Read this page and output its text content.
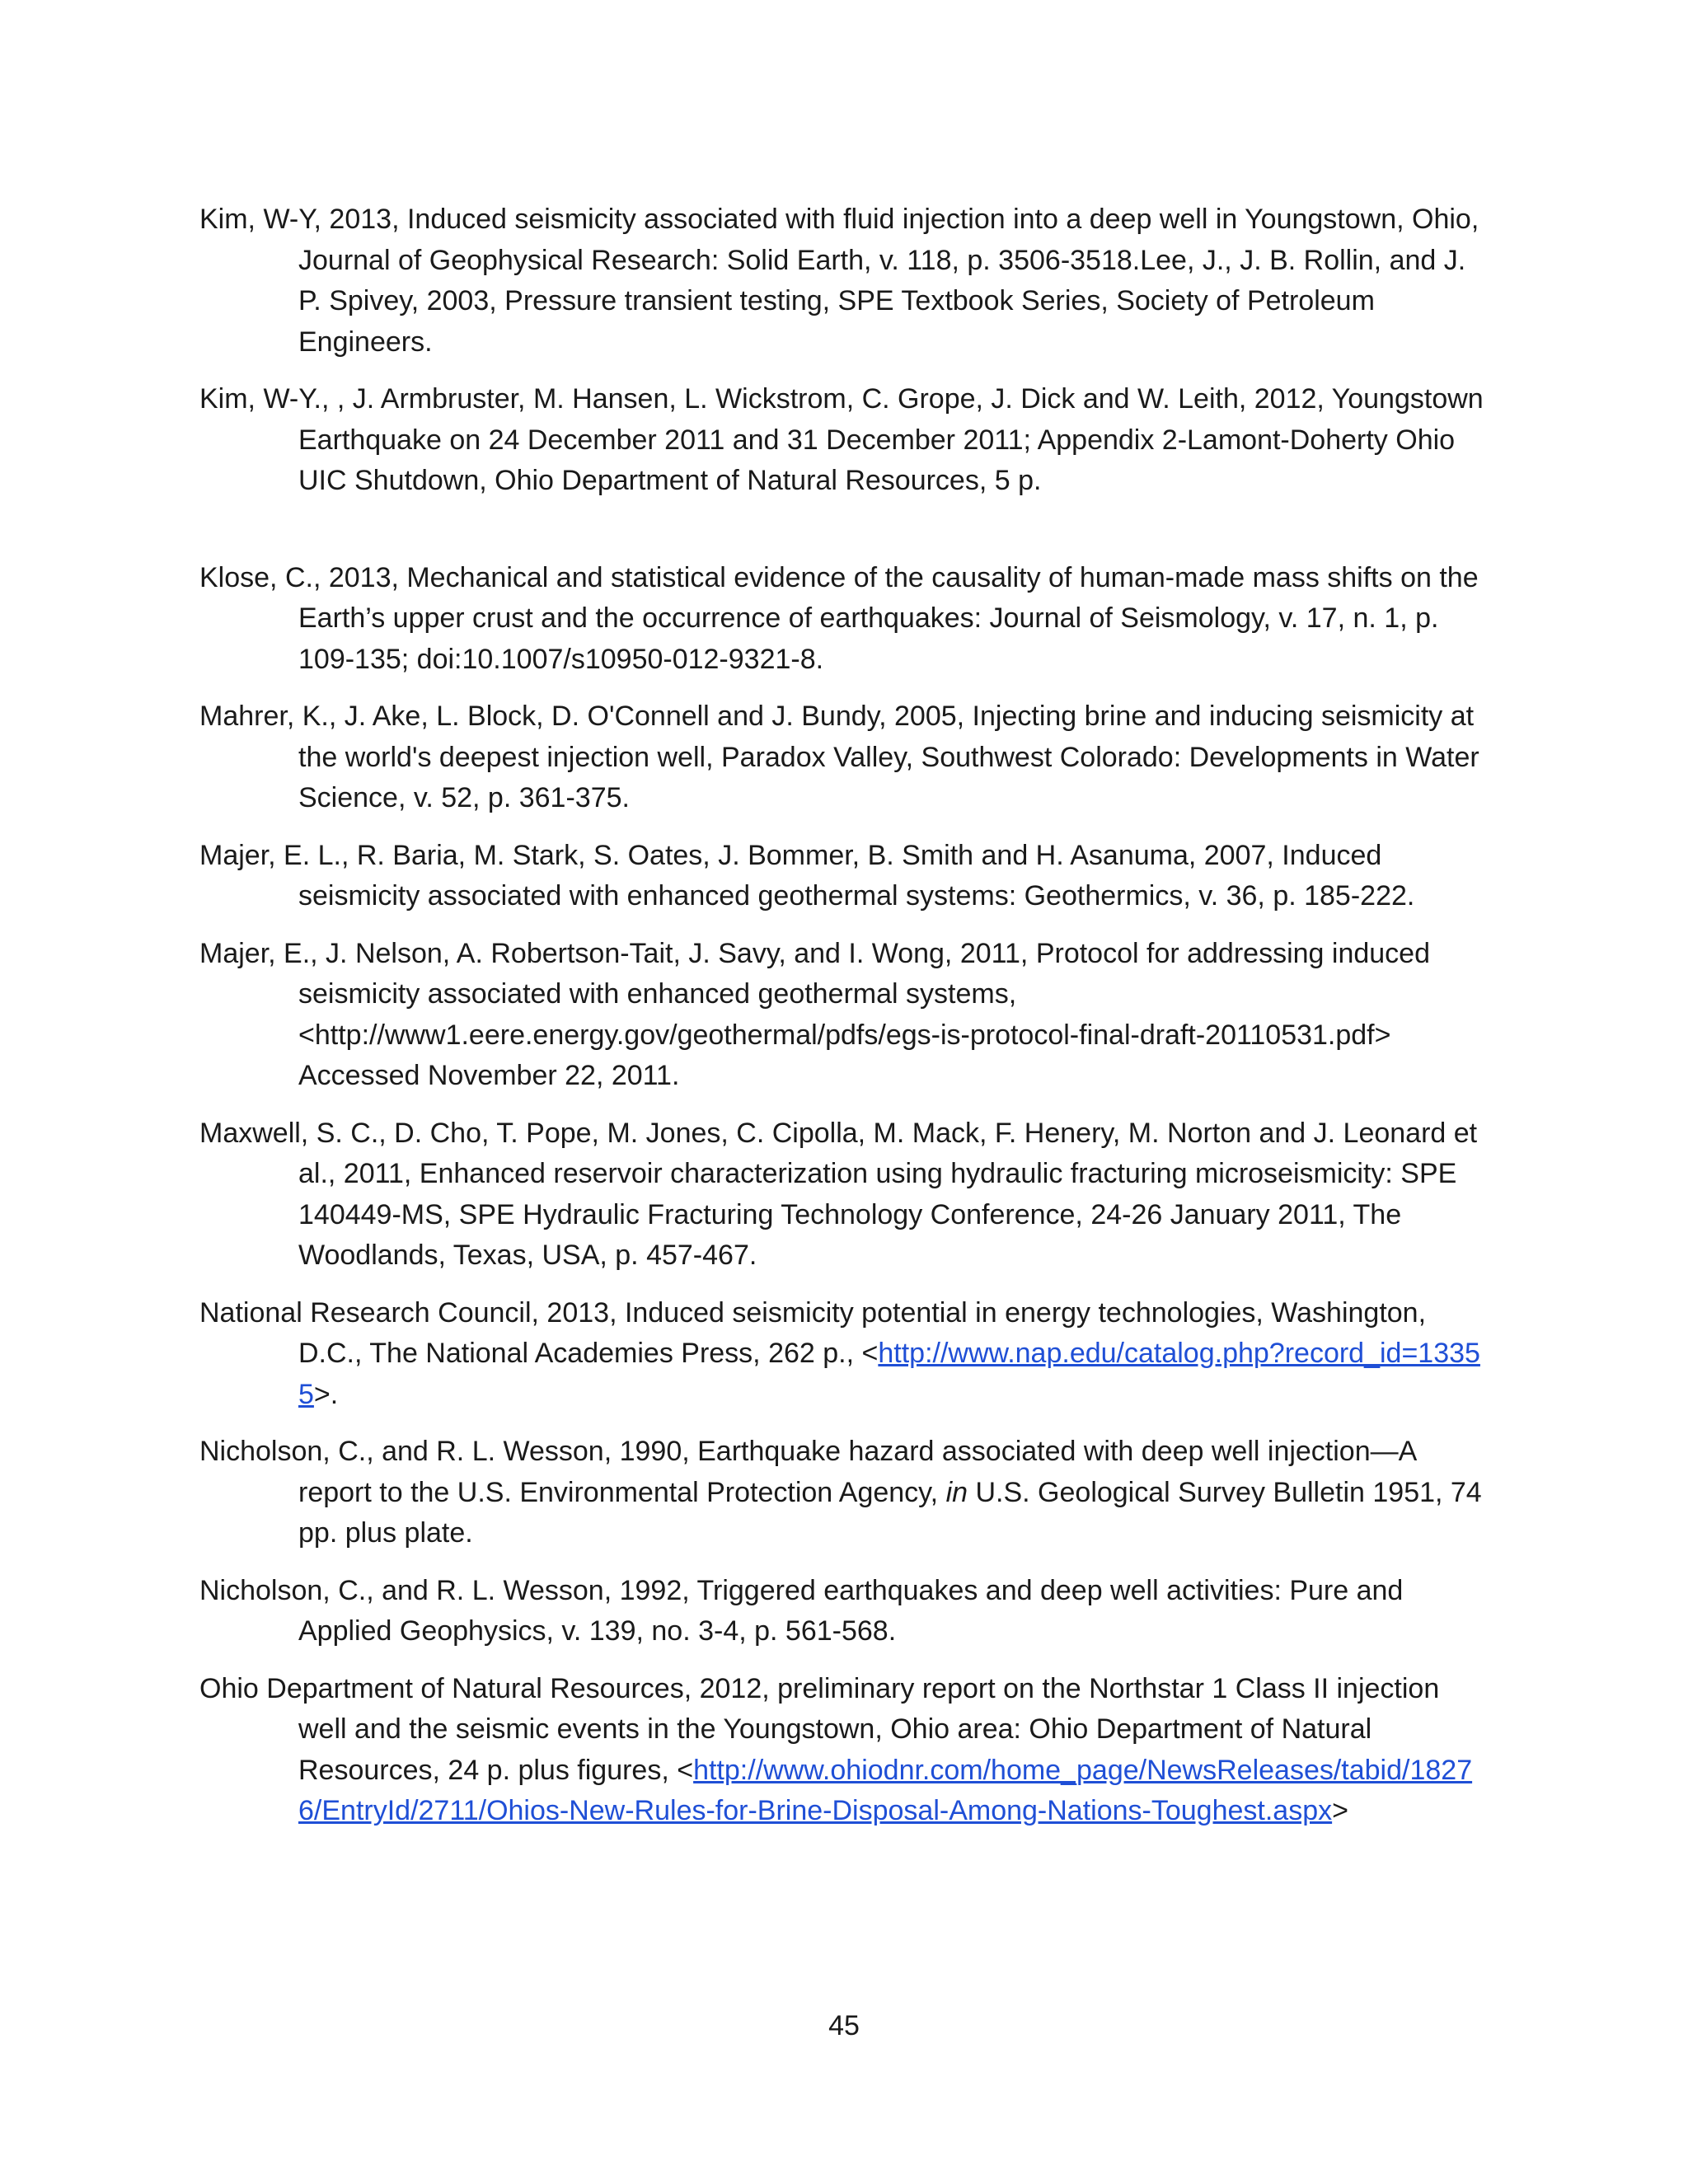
Kim, W-Y, 2013, Induced seismicity associated with fluid injection into a deep well in Youngstown, Ohio, Journal of Geophysical Research: Solid Earth, v. 118, p. 3506-3518.Lee, J., J. B. Rollin, and J. P. Spivey, 2003, Pressure transient testing, SPE Textbook Series, Society of Petroleum Engineers.

Kim, W-Y., , J. Armbruster, M. Hansen, L. Wickstrom, C. Grope, J. Dick and W. Leith, 2012, Youngstown Earthquake on 24 December 2011 and 31 December 2011; Appendix 2-Lamont-Doherty Ohio UIC Shutdown, Ohio Department of Natural Resources, 5 p.

Klose, C., 2013, Mechanical and statistical evidence of the causality of human-made mass shifts on the Earth’s upper crust and the occurrence of earthquakes: Journal of Seismology, v. 17, n. 1, p. 109-135; doi:10.1007/s10950-012-9321-8.

Mahrer, K., J. Ake, L. Block, D. O'Connell and J. Bundy, 2005, Injecting brine and inducing seismicity at the world's deepest injection well, Paradox Valley, Southwest Colorado: Developments in Water Science, v. 52, p. 361-375.

Majer, E. L., R. Baria, M. Stark, S. Oates, J. Bommer, B. Smith and H. Asanuma, 2007, Induced seismicity associated with enhanced geothermal systems: Geothermics, v. 36, p. 185-222.

Majer, E., J. Nelson, A. Robertson-Tait, J. Savy, and I. Wong, 2011, Protocol for addressing induced seismicity associated with enhanced geothermal systems, <http://www1.eere.energy.gov/geothermal/pdfs/egs-is-protocol-final-draft-20110531.pdf> Accessed November 22, 2011.

Maxwell, S. C., D. Cho, T. Pope, M. Jones, C. Cipolla, M. Mack, F. Henery, M. Norton and J. Leonard et al., 2011, Enhanced reservoir characterization using hydraulic fracturing microseismicity: SPE 140449-MS, SPE Hydraulic Fracturing Technology Conference, 24-26 January 2011, The Woodlands, Texas, USA, p. 457-467.

National Research Council, 2013, Induced seismicity potential in energy technologies, Washington, D.C., The National Academies Press, 262 p., <http://www.nap.edu/catalog.php?record_id=13355>.

Nicholson, C., and R. L. Wesson, 1990, Earthquake hazard associated with deep well injection—A report to the U.S. Environmental Protection Agency, in U.S. Geological Survey Bulletin 1951, 74 pp. plus plate.

Nicholson, C., and R. L. Wesson, 1992, Triggered earthquakes and deep well activities: Pure and Applied Geophysics, v. 139, no. 3-4, p. 561-568.

Ohio Department of Natural Resources, 2012, preliminary report on the Northstar 1 Class II injection well and the seismic events in the Youngstown, Ohio area: Ohio Department of Natural Resources, 24 p. plus figures, <http://www.ohiodnr.com/home_page/NewsReleases/tabid/18276/EntryId/2711/Ohios-New-Rules-for-Brine-Disposal-Among-Nations-Toughest.aspx>

45
